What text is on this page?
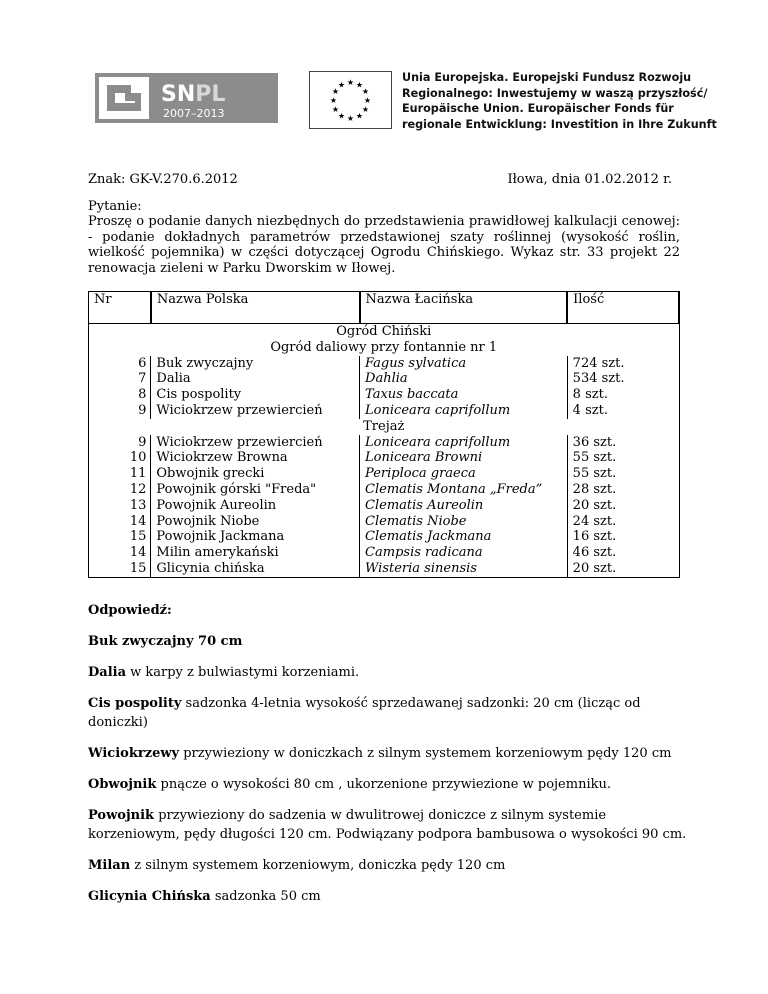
SNPL
2007–2013
★ ★
★
★
★
★
★
★
★
★
★
★
Unia Europejska. Europejski Fundusz Rozwoju
Regionalnego: Inwestujemy w waszą przyszłość/
Europäische Union. Europäischer Fonds für
regionale Entwicklung: Investition in Ihre Zukunft
Znak: GK-V.270.6.2012	Iłowa, dnia 01.02.2012 r.
Pytanie:
Proszę o podanie danych niezbędnych do przedstawienia prawidłowej kalkulacji cenowej: - podanie dokładnych parametrów przedstawionej szaty roślinnej (wysokość roślin, wielkość pojemnika) w części dotyczącej Ogrodu Chińskiego. Wykaz str. 33 projekt 22 renowacja zieleni w Parku Dworskim w Iłowej.
Nr	Nazwa Polska	Nazwa Łacińska	Ilość
Ogród Chiński			
Ogród daliowy przy fontannie nr 1			
6	Buk zwyczajny	Fagus sylvatica	724 szt.
7	Dalia	Dahlia	534 szt.
8	Cis pospolity	Taxus baccata	8 szt.
9	Wiciokrzew przewiercień	Loniceara caprifollum	4 szt.
Trejaż			
9	Wiciokrzew przewiercień	Loniceara caprifollum	36 szt.
10	Wiciokrzew Browna	Loniceara Browni	55 szt.
11	Obwojnik grecki	Periploca graeca	55 szt.
12	Powojnik górski "Freda"	Clematis Montana „Freda”	28 szt.
13	Powojnik Aureolin	Clematis Aureolin	20 szt.
14	Powojnik Niobe	Clematis Niobe	24 szt.
15	Powojnik Jackmana	Clematis Jackmana	16 szt.
14	Milin amerykański	Campsis radicana	46 szt.
15	Glicynia chińska	Wisteria sinensis	20 szt.

Odpowiedź:

Buk zwyczajny 70 cm

Dalia w karpy z bulwiastymi korzeniami.

Cis pospolity sadzonka 4-letnia wysokość sprzedawanej sadzonki: 20 cm (licząc od doniczki)

Wiciokrzewy przywieziony w doniczkach z silnym systemem korzeniowym pędy 120 cm

Obwojnik pnącze o wysokości 80 cm , ukorzenione przywiezione w pojemniku.

Powojnik przywieziony do sadzenia w dwulitrowej doniczce z silnym systemie korzeniowym, pędy długości 120 cm. Podwiązany podpora bambusowa o wysokości 90 cm.

Milan z silnym systemem korzeniowym, doniczka pędy 120 cm

Glicynia Chińska sadzonka 50 cm
